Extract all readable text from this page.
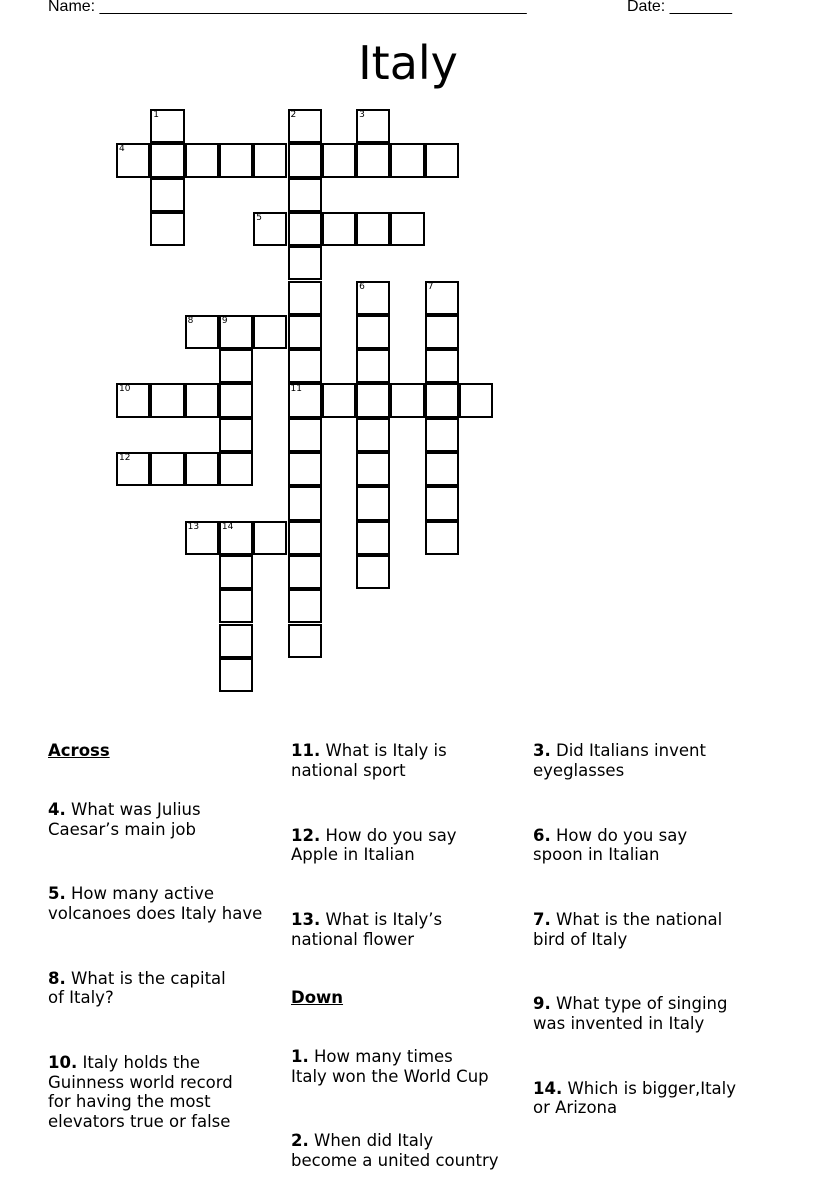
Name: ________________________________________________	Date: _______
Italy
4
5
8	9
10	11
12
13	14
1	2	3
6	7

Across

4. What was Julius
Caesar’s main job

5. How many active
volcanoes does Italy have

8. What is the capital
of Italy?

10. Italy holds the
Guinness world record
for having the most
elevators true or false

11. What is Italy is
national sport

12. How do you say
Apple in Italian

13. What is Italy’s
national flower

Down

1. How many times
Italy won the World Cup

2. When did Italy
become a united country

3. Did Italians invent
eyeglasses

6. How do you say
spoon in Italian

7. What is the national
bird of Italy

9. What type of singing
was invented in Italy

14. Which is bigger,Italy
or Arizona
